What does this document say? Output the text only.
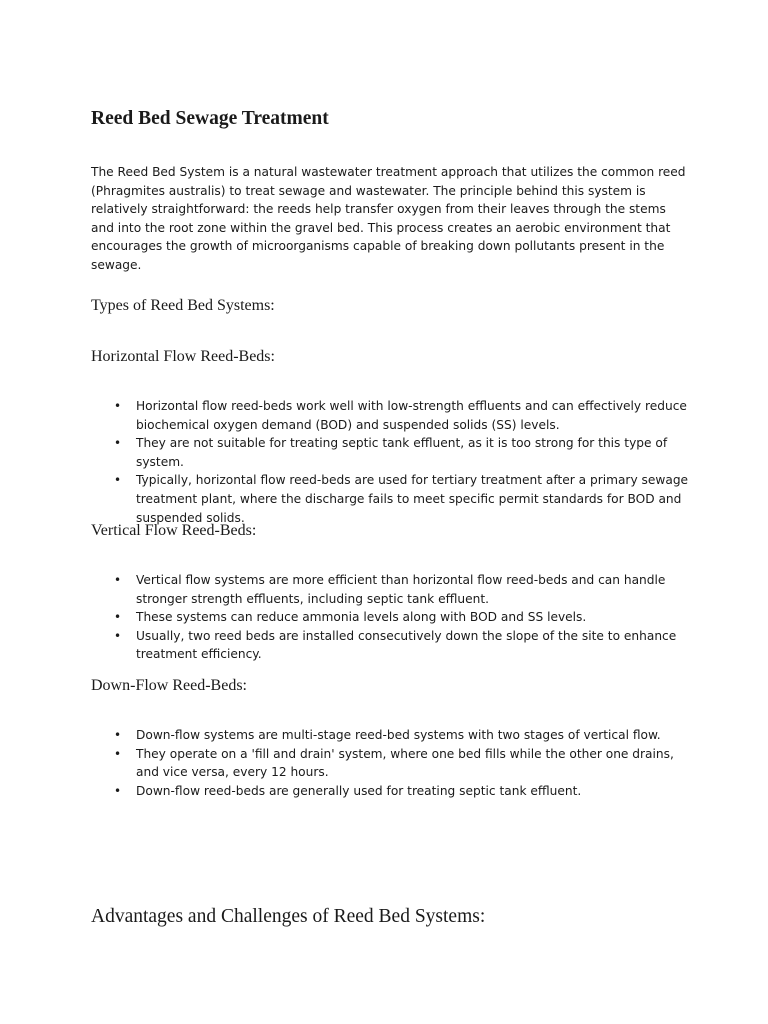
Reed Bed Sewage Treatment

The Reed Bed System is a natural wastewater treatment approach that utilizes the common reed (Phragmites australis) to treat sewage and wastewater. The principle behind this system is relatively straightforward: the reeds help transfer oxygen from their leaves through the stems and into the root zone within the gravel bed. This process creates an aerobic environment that encourages the growth of microorganisms capable of breaking down pollutants present in the sewage.

Types of Reed Bed Systems:
Horizontal Flow Reed-Beds:
• Horizontal flow reed-beds work well with low-strength effluents and can effectively reduce biochemical oxygen demand (BOD) and suspended solids (SS) levels.
• They are not suitable for treating septic tank effluent, as it is too strong for this type of system.
• Typically, horizontal flow reed-beds are used for tertiary treatment after a primary sewage treatment plant, where the discharge fails to meet specific permit standards for BOD and suspended solids.
Vertical Flow Reed-Beds:
• Vertical flow systems are more efficient than horizontal flow reed-beds and can handle stronger strength effluents, including septic tank effluent.
• These systems can reduce ammonia levels along with BOD and SS levels.
• Usually, two reed beds are installed consecutively down the slope of the site to enhance treatment efficiency.
Down-Flow Reed-Beds:
• Down-flow systems are multi-stage reed-bed systems with two stages of vertical flow.
• They operate on a 'fill and drain' system, where one bed fills while the other one drains, and vice versa, every 12 hours.
• Down-flow reed-beds are generally used for treating septic tank effluent.
Advantages and Challenges of Reed Bed Systems:
